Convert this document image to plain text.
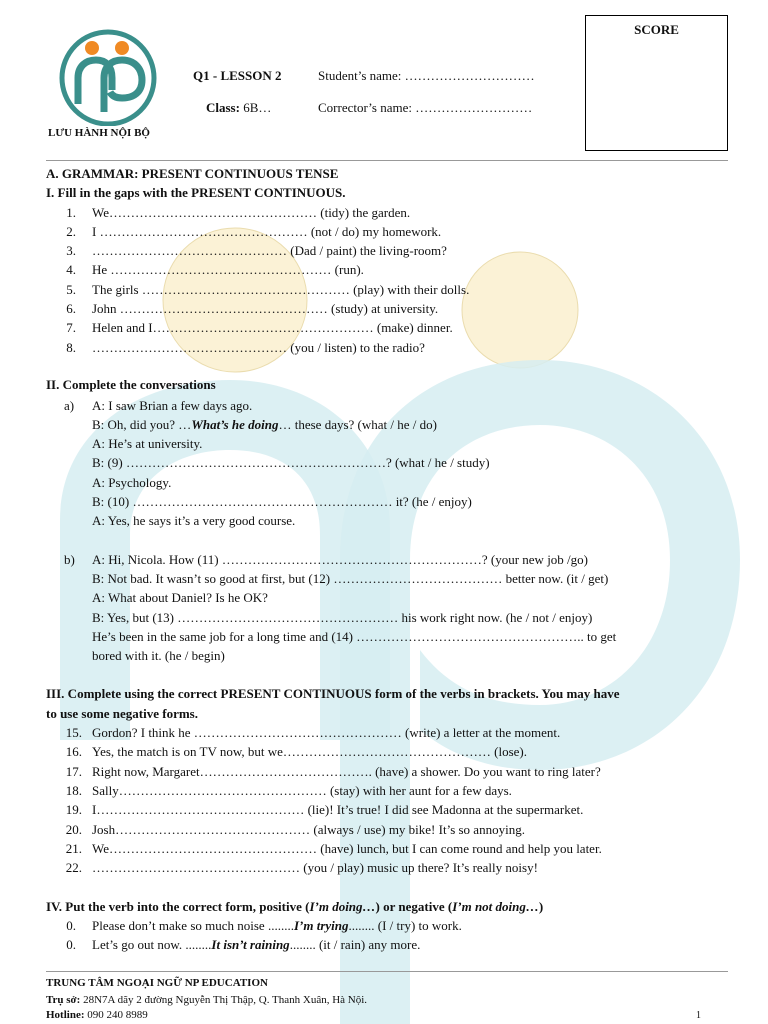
LƯU HÀNH NỘI BỘ
Q1 - LESSON 2	Student’s name: …………………………
Class: 6B…	Corrector’s name: ………………………
SCORE
A. GRAMMAR: PRESENT CONTINUOUS TENSE
I. Fill in the gaps with the PRESENT CONTINUOUS.
1. We………………………………………… (tidy) the garden.
2. I ………………………………………… (not / do) my homework.
3. ……………………………………… (Dad / paint) the living-room?
4. He …………………………………………… (run).
5. The girls ………………………………………… (play) with their dolls.
6. John ………………………………………… (study) at university.
7. Helen and I…………………………………………… (make) dinner.
8. ……………………………………… (you / listen) to the radio?
II. Complete the conversations
a) A: I saw Brian a few days ago.
B: Oh, did you? …What’s he doing… these days? (what / he / do)
A: He’s at university.
B: (9) ……………………………………………………? (what / he / study)
A: Psychology.
B: (10) …………………………………………………… it? (he / enjoy)
A: Yes, he says it’s a very good course.
b) A: Hi, Nicola. How (11) ……………………………………………………? (your new job /go)
B: Not bad. It wasn’t so good at first, but (12) ………………………………… better now. (it / get)
A: What about Daniel? Is he OK?
B: Yes, but (13) …………………………………………… his work right now. (he / not / enjoy)
He’s been in the same job for a long time and (14) …………………………………………….. to get
bored with it. (he / begin)
III. Complete using the correct PRESENT CONTINUOUS form of the verbs in brackets. You may have
to use some negative forms.
15. Gordon? I think he ………………………………………… (write) a letter at the moment.
16. Yes, the match is on TV now, but we………………………………………… (lose).
17. Right now, Margaret…………………………………. (have) a shower. Do you want to ring later?
18. Sally………………………………………… (stay) with her aunt for a few days.
19. I………………………………………… (lie)! It’s true! I did see Madonna at the supermarket.
20. Josh……………………………………… (always / use) my bike! It’s so annoying.
21. We………………………………………… (have) lunch, but I can come round and help you later.
22. ………………………………………… (you / play) music up there? It’s really noisy!
IV. Put the verb into the correct form, positive (I’m doing…) or negative (I’m not doing…)
0. Please don’t make so much noise ........I’m trying........ (I / try) to work.
0. Let’s go out now. ........It isn’t raining........ (it / rain) any more.
TRUNG TÂM NGOẠI NGỮ NP EDUCATION
Trụ sở: 28N7A dãy 2 đường Nguyễn Thị Thập, Q. Thanh Xuân, Hà Nội.
Hotline: 090 240 8989	1
